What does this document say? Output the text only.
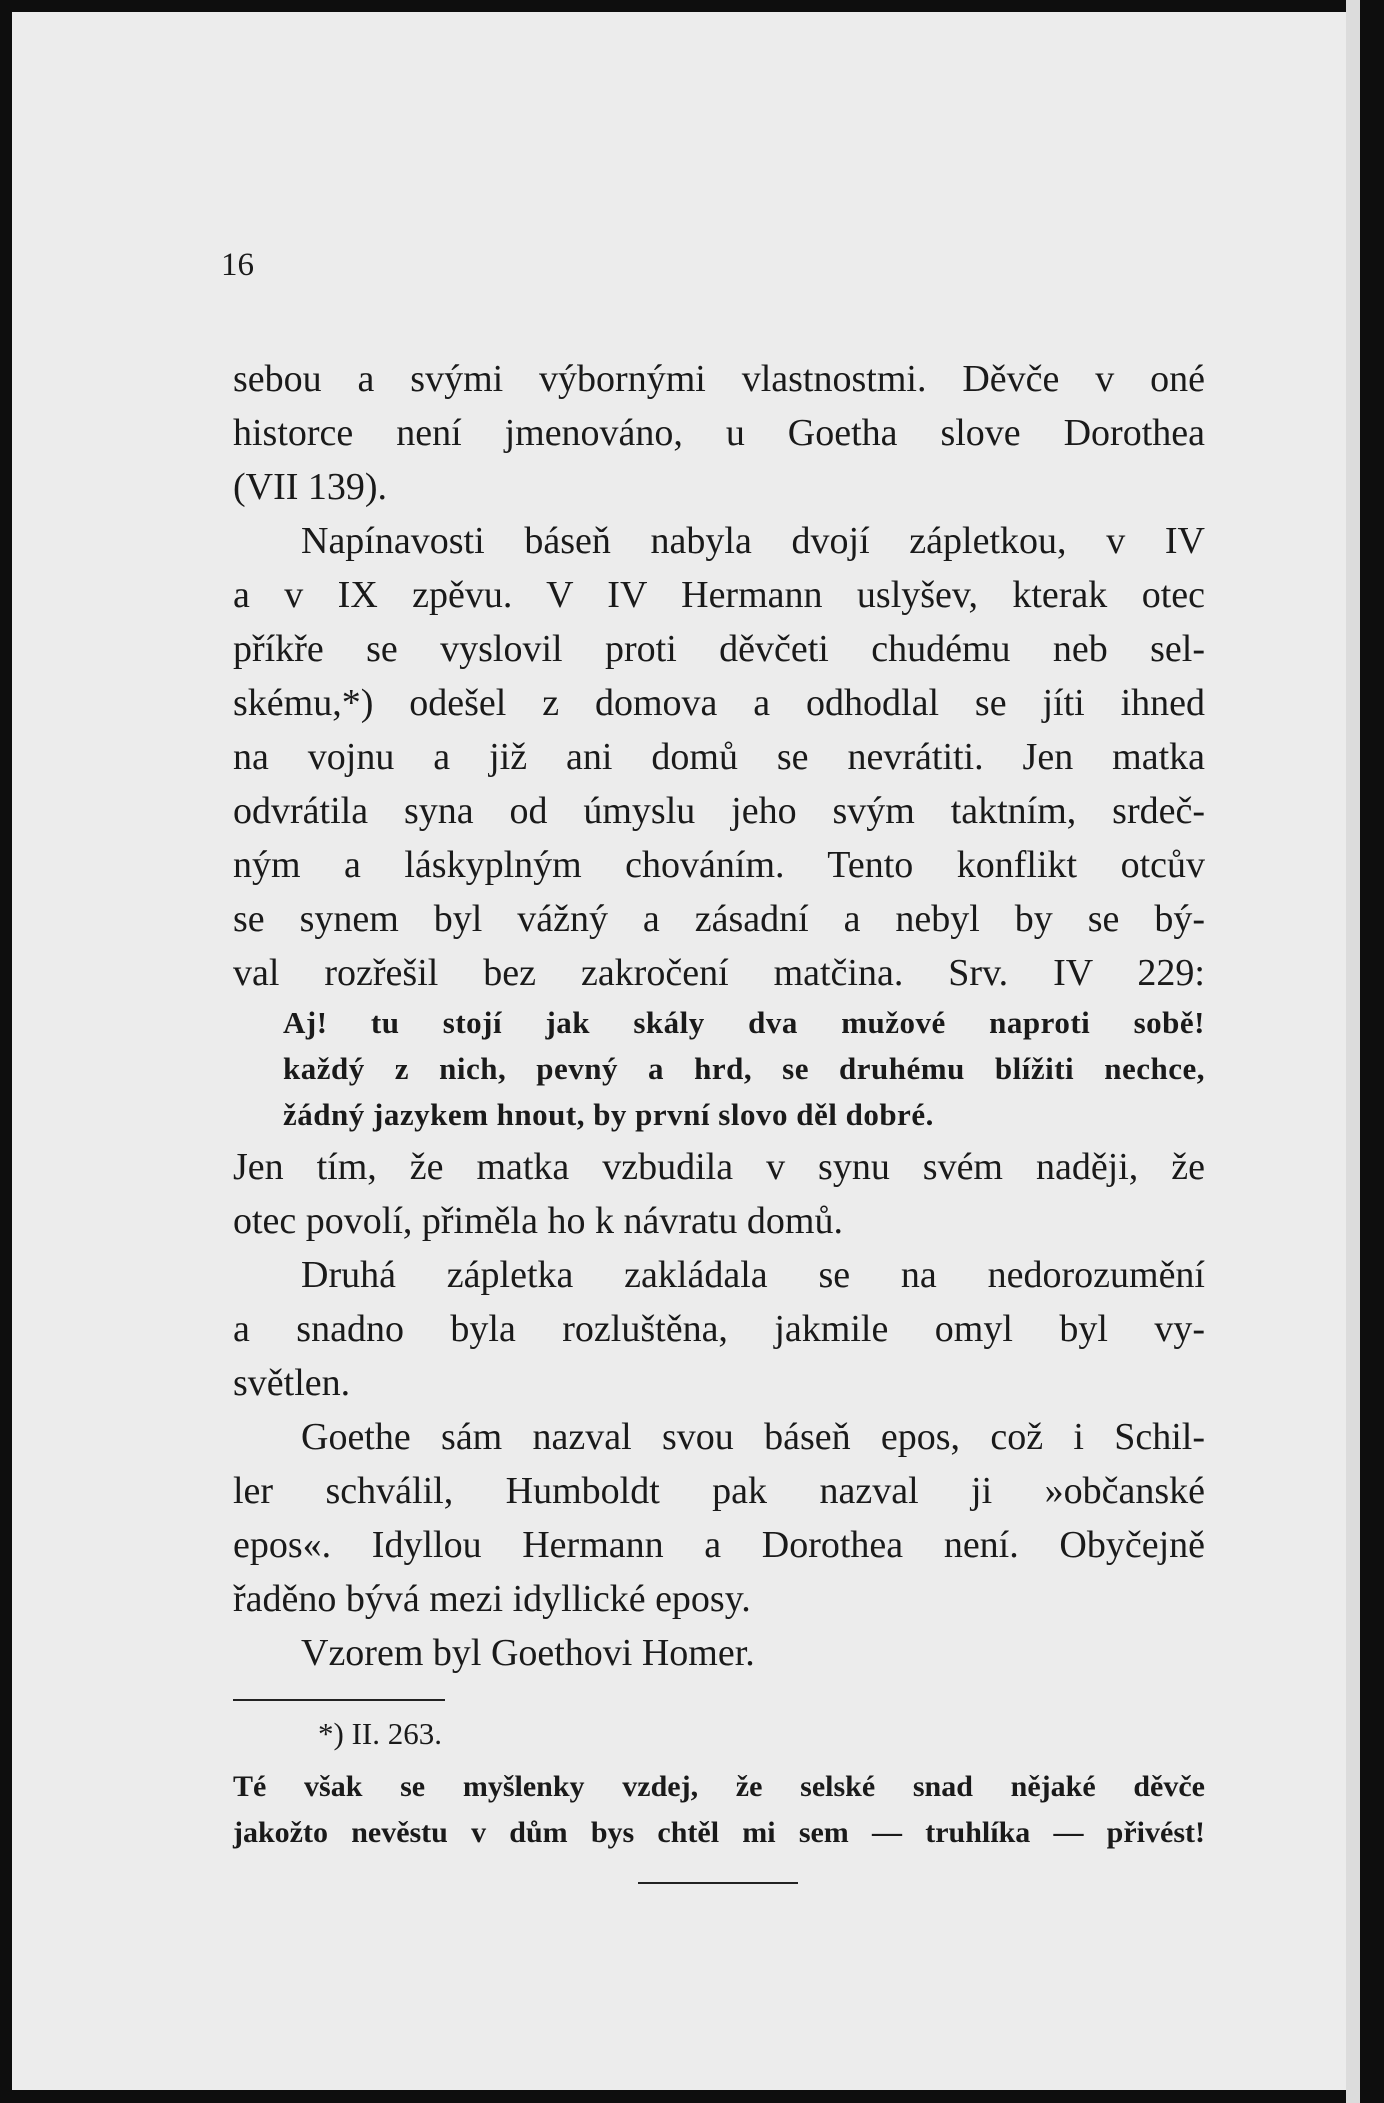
16
sebou a svými výbornými vlastnostmi. Děvče v oné
historce není jmenováno, u Goetha slove Dorothea
(VII 139).
Napínavosti báseň nabyla dvojí zápletkou, v IV
a v IX zpěvu. V IV Hermann uslyšev, kterak otec
příkře se vyslovil proti děvčeti chudému neb sel-
skému,*) odešel z domova a odhodlal se jíti ihned
na vojnu a již ani domů se nevrátiti. Jen matka
odvrátila syna od úmyslu jeho svým taktním, srdeč-
ným a láskyplným chováním. Tento konflikt otcův
se synem byl vážný a zásadní a nebyl by se bý-
val rozřešil bez zakročení matčina. Srv. IV 229:
Aj! tu stojí jak skály dva mužové naproti sobě!
každý z nich, pevný a hrd, se druhému blížiti nechce,
žádný jazykem hnout, by první slovo děl dobré.
Jen tím, že matka vzbudila v synu svém naději, že
otec povolí, přiměla ho k návratu domů.
Druhá zápletka zakládala se na nedorozumění
a snadno byla rozluštěna, jakmile omyl byl vy-
světlen.
Goethe sám nazval svou báseň epos, což i Schil-
ler schválil, Humboldt pak nazval ji »občanské
epos«. Idyllou Hermann a Dorothea není. Obyčejně
řaděno bývá mezi idyllické eposy.
Vzorem byl Goethovi Homer.
*) II. 263.
Té však se myšlenky vzdej, že selské snad nějaké děvče
jakožto nevěstu v dům bys chtěl mi sem — truhlíka — přivést!
